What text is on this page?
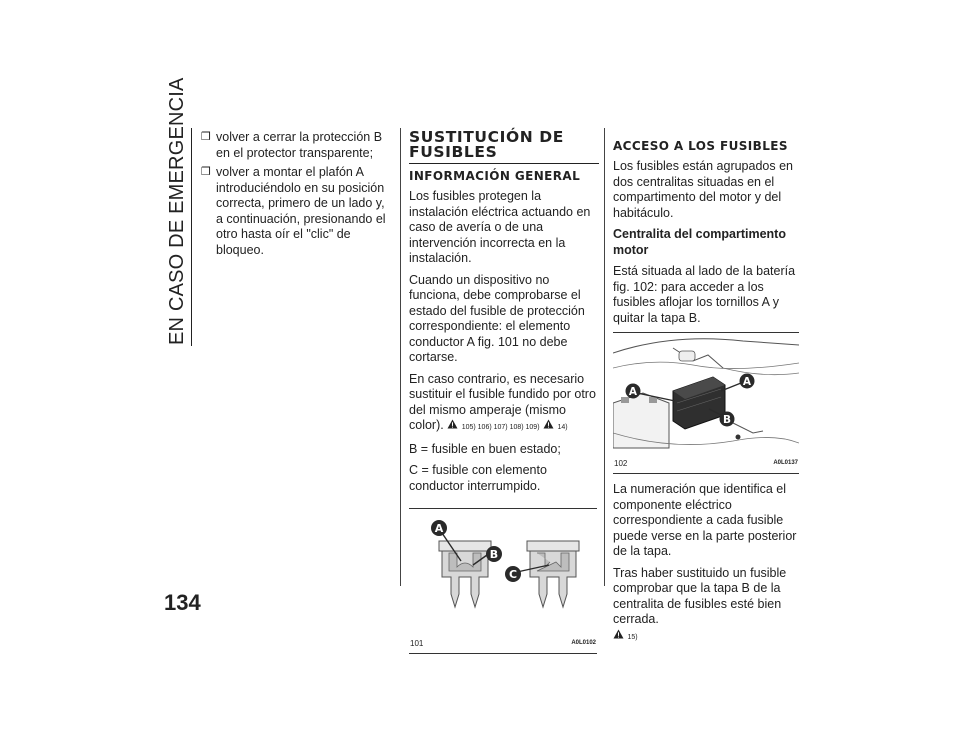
EN CASO DE EMERGENCIA
134
❒ volver a cerrar la protección B en el protector transparente;
❒ volver a montar el plafón A introduciéndolo en su posición correcta, primero de un lado y, a continuación, presionando el otro hasta oír el "clic" de bloqueo.
SUSTITUCIÓN DE FUSIBLES
INFORMACIÓN GENERAL

Los fusibles protegen la instalación eléctrica actuando en caso de avería o de una intervención incorrecta en la instalación.

Cuando un dispositivo no funciona, debe comprobarse el estado del fusible de protección correspondiente: el elemento conductor A fig. 101 no debe cortarse.

En caso contrario, es necesario sustituir el fusible fundido por otro del mismo amperaje (mismo color).	105) 106) 107) 108) 109)	14)

B = fusible en buen estado;

C = fusible con elemento conductor interrumpido.

A
B
C
101	A0L0102
ACCESO A LOS FUSIBLES

Los fusibles están agrupados en dos centralitas situadas en el compartimento del motor y del habitáculo.

Centralita del compartimento motor

Está situada al lado de la batería fig. 102: para acceder a los fusibles aflojar los tornillos A y quitar la tapa B.

A
A
B
102	A0L0137

La numeración que identifica el componente eléctrico correspondiente a cada fusible puede verse en la parte posterior de la tapa.

Tras haber sustituido un fusible comprobar que la tapa B de la centralita de fusibles esté bien cerrada.
15)
